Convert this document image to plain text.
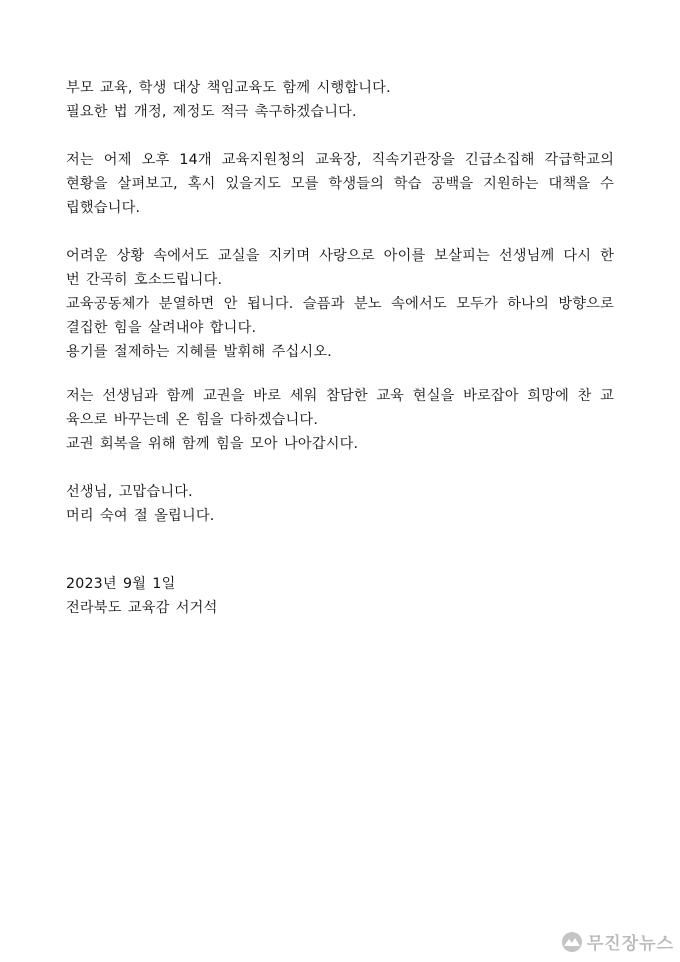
부모 교육, 학생 대상 책임교육도 함께 시행합니다.
필요한 법 개정, 제정도 적극 촉구하겠습니다.
저는 어제 오후 14개 교육지원청의 교육장, 직속기관장을 긴급소집해 각급학교의
현황을 살펴보고, 혹시 있을지도 모를 학생들의 학습 공백을 지원하는 대책을 수
립했습니다.
어려운 상황 속에서도 교실을 지키며 사랑으로 아이를 보살피는 선생님께 다시 한
번 간곡히 호소드립니다.
교육공동체가 분열하면 안 됩니다. 슬픔과 분노 속에서도 모두가 하나의 방향으로
결집한 힘을 살려내야 합니다.
용기를 절제하는 지혜를 발휘해 주십시오.
저는 선생님과 함께 교권을 바로 세워 참담한 교육 현실을 바로잡아 희망에 찬 교
육으로 바꾸는데 온 힘을 다하겠습니다.
교권 회복을 위해 함께 힘을 모아 나아갑시다.
선생님, 고맙습니다.
머리 숙여 절 올립니다.
2023년 9월 1일
전라북도 교육감 서거석
무진장뉴스
